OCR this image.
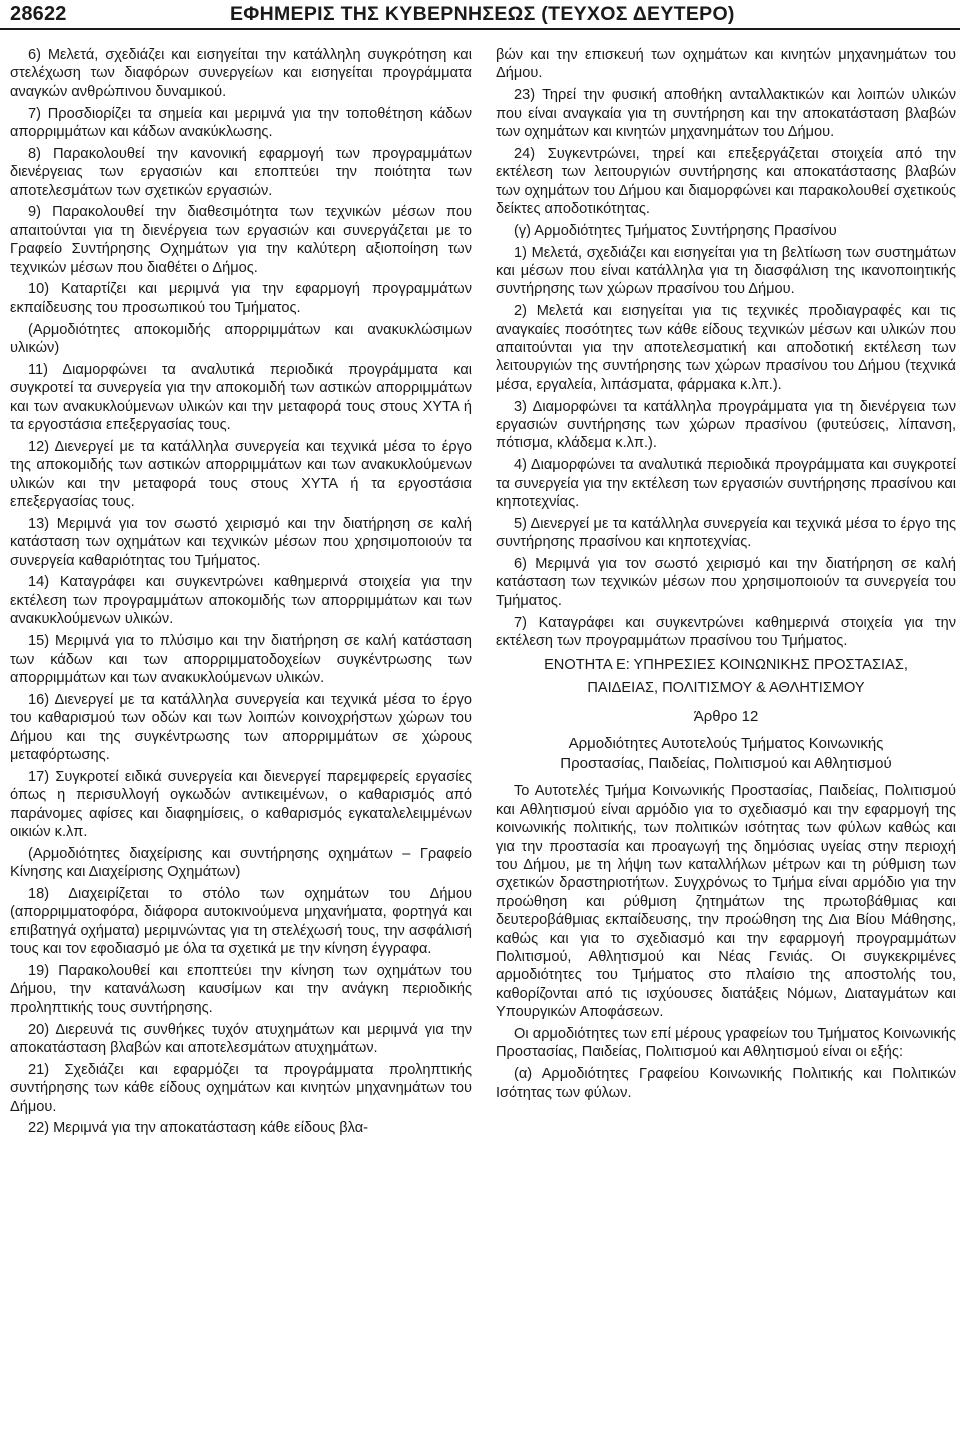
28622	ΕΦΗΜΕΡΙΣ ΤΗΣ ΚΥΒΕΡΝΗΣΕΩΣ (ΤΕΥΧΟΣ ΔΕΥΤΕΡΟ)

6) Μελετά, σχεδιάζει και εισηγείται την κατάλληλη συγκρότηση και στελέχωση των διαφόρων συνεργείων και εισηγείται προγράμματα αναγκών ανθρώπινου δυναμικού.

7) Προσδιορίζει τα σημεία και μεριμνά για την τοποθέτηση κάδων απορριμμάτων και κάδων ανακύκλωσης.

8) Παρακολουθεί την κανονική εφαρμογή των προγραμμάτων διενέργειας των εργασιών και εποπτεύει την ποιότητα των αποτελεσμάτων των σχετικών εργασιών.

9) Παρακολουθεί την διαθεσιμότητα των τεχνικών μέσων που απαιτούνται για τη διενέργεια των εργασιών και συνεργάζεται με το Γραφείο Συντήρησης Οχημάτων για την καλύτερη αξιοποίηση των τεχνικών μέσων που διαθέτει ο Δήμος.

10) Καταρτίζει και μεριμνά για την εφαρμογή προγραμμάτων εκπαίδευσης του προσωπικού του Τμήματος.

(Αρμοδιότητες αποκομιδής απορριμμάτων και ανακυκλώσιμων υλικών)

11) Διαμορφώνει τα αναλυτικά περιοδικά προγράμματα και συγκροτεί τα συνεργεία για την αποκομιδή των αστικών απορριμμάτων και των ανακυκλούμενων υλικών και την μεταφορά τους στους ΧΥΤΑ ή τα εργοστάσια επεξεργασίας τους.

12) Διενεργεί με τα κατάλληλα συνεργεία και τεχνικά μέσα το έργο της αποκομιδής των αστικών απορριμμάτων και των ανακυκλούμενων υλικών και την μεταφορά τους στους ΧΥΤΑ ή τα εργοστάσια επεξεργασίας τους.

13) Μεριμνά για τον σωστό χειρισμό και την διατήρηση σε καλή κατάσταση των οχημάτων και τεχνικών μέσων που χρησιμοποιούν τα συνεργεία καθαριότητας του Τμήματος.

14) Καταγράφει και συγκεντρώνει καθημερινά στοιχεία για την εκτέλεση των προγραμμάτων αποκομιδής των απορριμμάτων και των ανακυκλούμενων υλικών.

15) Μεριμνά για το πλύσιμο και την διατήρηση σε καλή κατάσταση των κάδων και των απορριμματοδοχείων συγκέντρωσης των απορριμμάτων και των ανακυκλούμενων υλικών.

16) Διενεργεί με τα κατάλληλα συνεργεία και τεχνικά μέσα το έργο του καθαρισμού των οδών και των λοιπών κοινοχρήστων χώρων του Δήμου και της συγκέντρωσης των απορριμμάτων σε χώρους μεταφόρτωσης.

17) Συγκροτεί ειδικά συνεργεία και διενεργεί παρεμφερείς εργασίες όπως η περισυλλογή ογκωδών αντικειμένων, ο καθαρισμός από παράνομες αφίσες και διαφημίσεις, ο καθαρισμός εγκαταλελειμμένων οικιών κ.λπ.

(Αρμοδιότητες διαχείρισης και συντήρησης οχημάτων – Γραφείο Κίνησης και Διαχείρισης Οχημάτων)

18) Διαχειρίζεται το στόλο των οχημάτων του Δήμου (απορριμματοφόρα, διάφορα αυτοκινούμενα μηχανήματα, φορτηγά και επιβατηγά οχήματα) μεριμνώντας για τη στελέχωσή τους, την ασφάλισή τους και τον εφοδιασμό με όλα τα σχετικά με την κίνηση έγγραφα.

19) Παρακολουθεί και εποπτεύει την κίνηση των οχημάτων του Δήμου, την κατανάλωση καυσίμων και την ανάγκη περιοδικής προληπτικής τους συντήρησης.

20) Διερευνά τις συνθήκες τυχόν ατυχημάτων και μεριμνά για την αποκατάσταση βλαβών και αποτελεσμάτων ατυχημάτων.

21) Σχεδιάζει και εφαρμόζει τα προγράμματα προληπτικής συντήρησης των κάθε είδους οχημάτων και κινητών μηχανημάτων του Δήμου.

22) Μεριμνά για την αποκατάσταση κάθε είδους βλα-

βών και την επισκευή των οχημάτων και κινητών μηχανημάτων του Δήμου.

23) Τηρεί την φυσική αποθήκη ανταλλακτικών και λοιπών υλικών που είναι αναγκαία για τη συντήρηση και την αποκατάσταση βλαβών των οχημάτων και κινητών μηχανημάτων του Δήμου.

24) Συγκεντρώνει, τηρεί και επεξεργάζεται στοιχεία από την εκτέλεση των λειτουργιών συντήρησης και αποκατάστασης βλαβών των οχημάτων του Δήμου και διαμορφώνει και παρακολουθεί σχετικούς δείκτες αποδοτικότητας.

(γ) Αρμοδιότητες Τμήματος Συντήρησης Πρασίνου

1) Μελετά, σχεδιάζει και εισηγείται για τη βελτίωση των συστημάτων και μέσων που είναι κατάλληλα για τη διασφάλιση της ικανοποιητικής συντήρησης των χώρων πρασίνου του Δήμου.

2) Μελετά και εισηγείται για τις τεχνικές προδιαγραφές και τις αναγκαίες ποσότητες των κάθε είδους τεχνικών μέσων και υλικών που απαιτούνται για την αποτελεσματική και αποδοτική εκτέλεση των λειτουργιών της συντήρησης των χώρων πρασίνου του Δήμου (τεχνικά μέσα, εργαλεία, λιπάσματα, φάρμακα κ.λπ.).

3) Διαμορφώνει τα κατάλληλα προγράμματα για τη διενέργεια των εργασιών συντήρησης των χώρων πρασίνου (φυτεύσεις, λίπανση, πότισμα, κλάδεμα κ.λπ.).

4) Διαμορφώνει τα αναλυτικά περιοδικά προγράμματα και συγκροτεί τα συνεργεία για την εκτέλεση των εργασιών συντήρησης πρασίνου και κηποτεχνίας.

5) Διενεργεί με τα κατάλληλα συνεργεία και τεχνικά μέσα το έργο της συντήρησης πρασίνου και κηποτεχνίας.

6) Μεριμνά για τον σωστό χειρισμό και την διατήρηση σε καλή κατάσταση των τεχνικών μέσων που χρησιμοποιούν τα συνεργεία του Τμήματος.

7) Καταγράφει και συγκεντρώνει καθημερινά στοιχεία για την εκτέλεση των προγραμμάτων πρασίνου του Τμήματος.

ΕΝΟΤΗΤΑ Ε: ΥΠΗΡΕΣΙΕΣ ΚΟΙΝΩΝΙΚΗΣ ΠΡΟΣΤΑΣΙΑΣ,
ΠΑΙΔΕΙΑΣ, ΠΟΛΙΤΙΣΜΟΥ & ΑΘΛΗΤΙΣΜΟΥ

Άρθρο 12

Αρμοδιότητες Αυτοτελούς Τμήματος Κοινωνικής
Προστασίας, Παιδείας, Πολιτισμού και Αθλητισμού

Το Αυτοτελές Τμήμα Κοινωνικής Προστασίας, Παιδείας, Πολιτισμού και Αθλητισμού είναι αρμόδιο για το σχεδιασμό και την εφαρμογή της κοινωνικής πολιτικής, των πολιτικών ισότητας των φύλων καθώς και για την προστασία και προαγωγή της δημόσιας υγείας στην περιοχή του Δήμου, με τη λήψη των καταλλήλων μέτρων και τη ρύθμιση των σχετικών δραστηριοτήτων. Συγχρόνως το Τμήμα είναι αρμόδιο για την προώθηση και ρύθμιση ζητημάτων της πρωτοβάθμιας και δευτεροβάθμιας εκπαίδευσης, την προώθηση της Δια Βίου Μάθησης, καθώς και για το σχεδιασμό και την εφαρμογή προγραμμάτων Πολιτισμού, Αθλητισμού και Νέας Γενιάς. Οι συγκεκριμένες αρμοδιότητες του Τμήματος στο πλαίσιο της αποστολής του, καθορίζονται από τις ισχύουσες διατάξεις Νόμων, Διαταγμάτων και Υπουργικών Αποφάσεων.

Οι αρμοδιότητες των επί μέρους γραφείων του Τμήματος Κοινωνικής Προστασίας, Παιδείας, Πολιτισμού και Αθλητισμού είναι οι εξής:

(α) Αρμοδιότητες Γραφείου Κοινωνικής Πολιτικής και Πολιτικών Ισότητας των φύλων.
